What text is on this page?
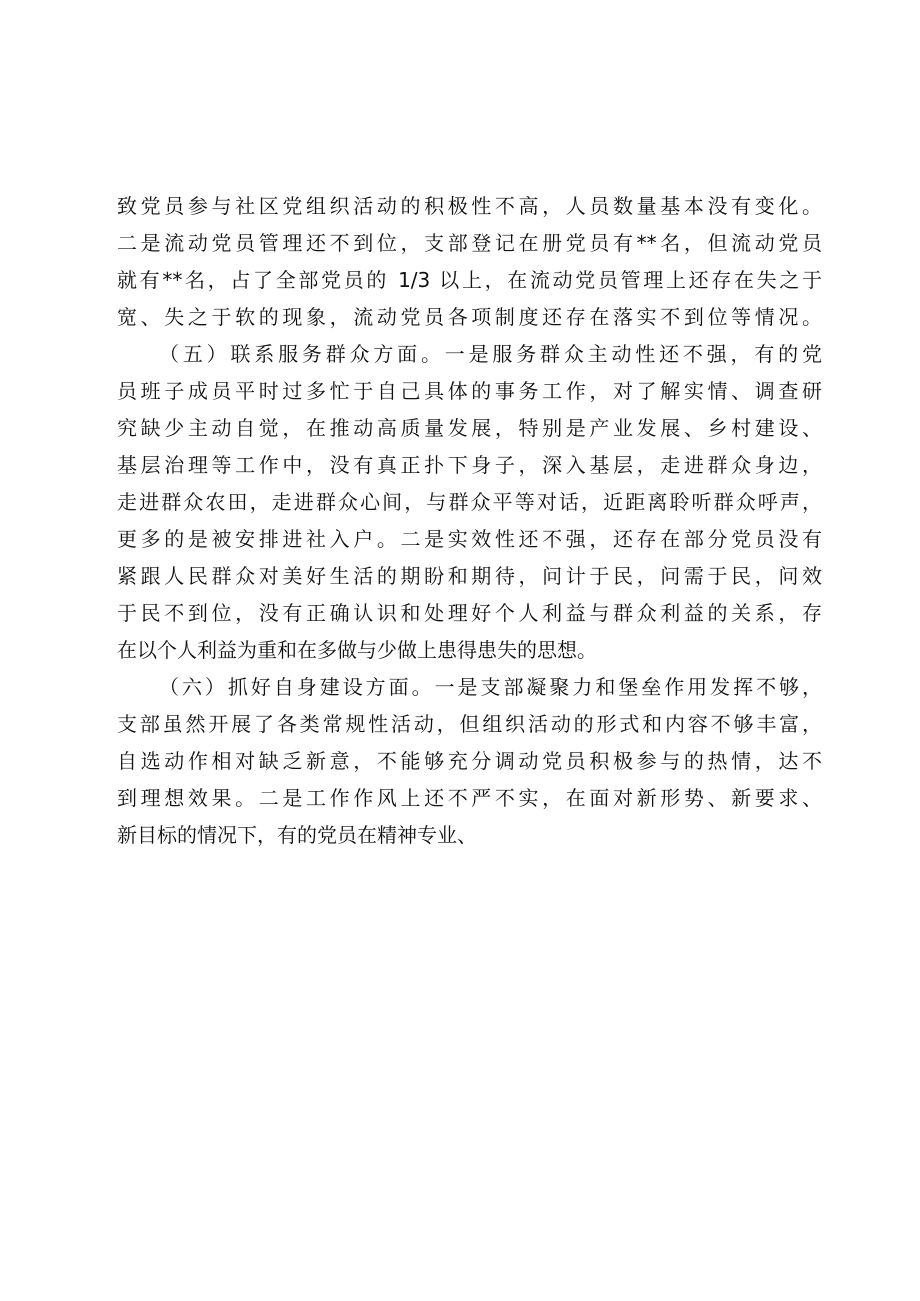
致党员参与社区党组织活动的积极性不高，人员数量基本没有变化。
二是流动党员管理还不到位，支部登记在册党员有**名，但流动党员
就有**名，占了全部党员的 1/3 以上，在流动党员管理上还存在失之于
宽、失之于软的现象，流动党员各项制度还存在落实不到位等情况。
（五）联系服务群众方面。一是服务群众主动性还不强，有的党
员班子成员平时过多忙于自己具体的事务工作，对了解实情、调查研
究缺少主动自觉，在推动高质量发展，特别是产业发展、乡村建设、
基层治理等工作中，没有真正扑下身子，深入基层，走进群众身边，
走进群众农田，走进群众心间，与群众平等对话，近距离聆听群众呼声，
更多的是被安排进社入户。二是实效性还不强，还存在部分党员没有
紧跟人民群众对美好生活的期盼和期待，问计于民，问需于民，问效
于民不到位，没有正确认识和处理好个人利益与群众利益的关系，存
在以个人利益为重和在多做与少做上患得患失的思想。
（六）抓好自身建设方面。一是支部凝聚力和堡垒作用发挥不够，
支部虽然开展了各类常规性活动，但组织活动的形式和内容不够丰富，
自选动作相对缺乏新意，不能够充分调动党员积极参与的热情，达不
到理想效果。二是工作作风上还不严不实，在面对新形势、新要求、
新目标的情况下，有的党员在精神专业、
